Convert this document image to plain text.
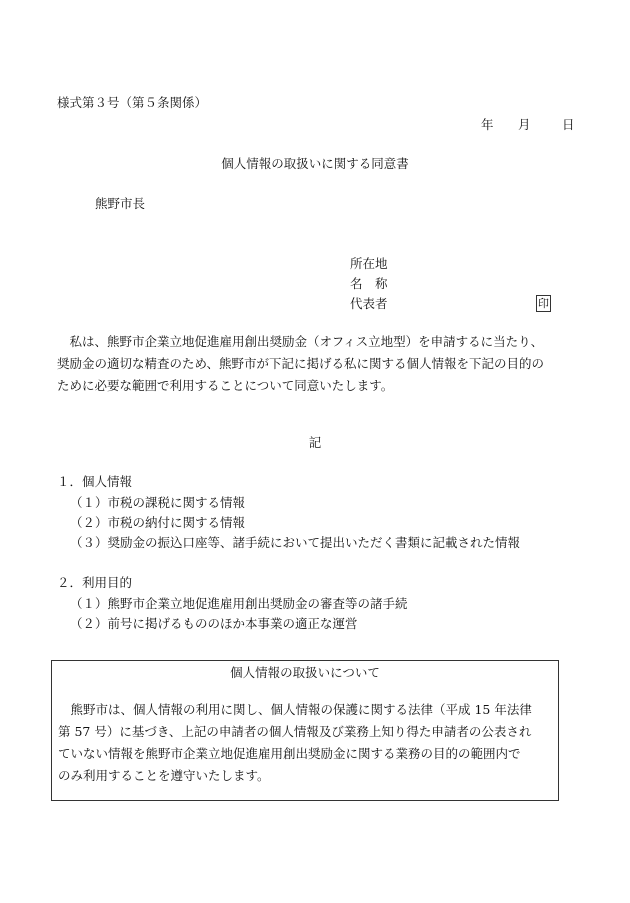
様式第３号（第５条関係）
年 月	日
個人情報の取扱いに関する同意書
熊野市長
所在地
名　称
代表者	印
　私は、熊野市企業立地促進雇用創出奨励金（オフィス立地型）を申請するに当たり、
奨励金の適切な精査のため、熊野市が下記に掲げる私に関する個人情報を下記の目的の
ために必要な範囲で利用することについて同意いたします。
記
１．個人情報
（１）市税の課税に関する情報
（２）市税の納付に関する情報
（３）奨励金の振込口座等、諸手続において提出いただく書類に記載された情報
２．利用目的
（１）熊野市企業立地促進雇用創出奨励金の審査等の諸手続
（２）前号に掲げるもののほか本事業の適正な運営
個人情報の取扱いについて
　熊野市は、個人情報の利用に関し、個人情報の保護に関する法律（平成 15 年法律
第 57 号）に基づき、上記の申請者の個人情報及び業務上知り得た申請者の公表され
ていない情報を熊野市企業立地促進雇用創出奨励金に関する業務の目的の範囲内で
のみ利用することを遵守いたします。
